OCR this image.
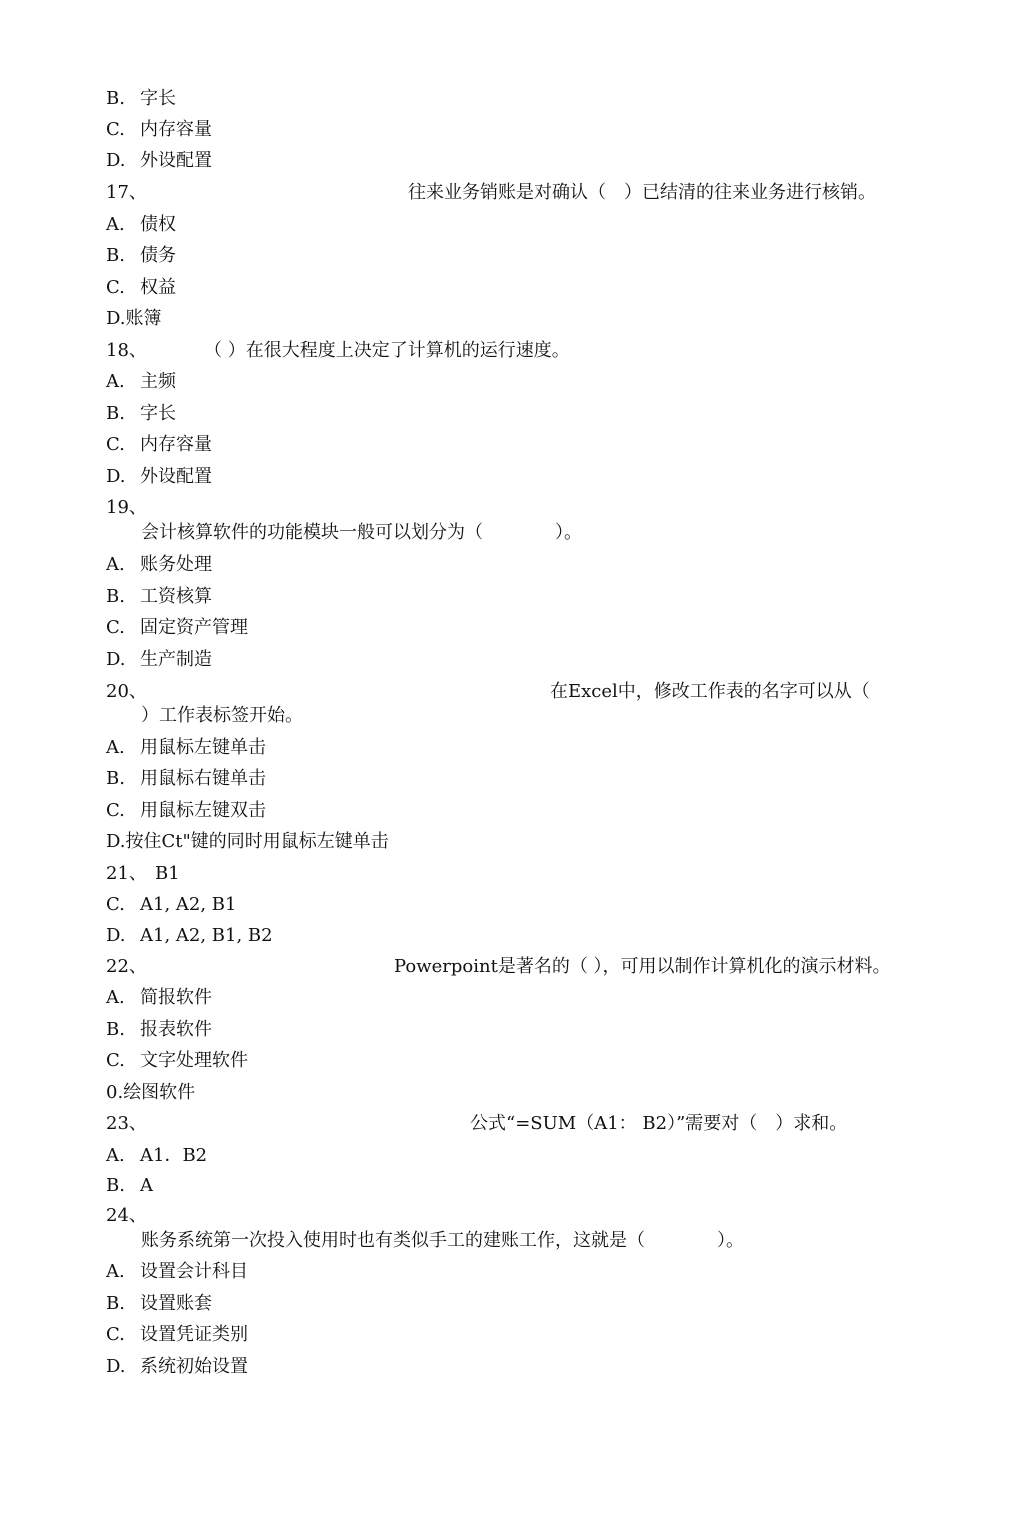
B. 字长
C. 内存容量
D. 外设配置
17、	往来业务销账是对确认（　）已结清的往来业务进行核销。
A. 债权
B. 债务
C. 权益
D.账簿
18、	（ ）在很大程度上决定了计算机的运行速度。
A. 主频
B. 字长
C. 内存容量
D. 外设配置
19、
会计核算软件的功能模块一般可以划分为（　　　　）。
A. 账务处理
B. 工资核算
C. 固定资产管理
D. 生产制造
20、	在Excel中，修改工作表的名字可以从（
）工作表标签开始。
A. 用鼠标左键单击
B. 用鼠标右键单击
C. 用鼠标左键双击
D.按住Ct"键的同时用鼠标左键单击
21、 B1
C. A1, A2, B1
D. A1, A2, B1, B2
22、	Powerpoint是著名的（ ），可用以制作计算机化的演示材料。
A. 简报软件
B. 报表软件
C. 文字处理软件
0.绘图软件
23、	公式“=SUM（A1： B2）”需要对（　）求和。
A. A1．B2
B. A
24、
账务系统第一次投入使用时也有类似手工的建账工作，这就是（　　　　）。
A. 设置会计科目
B. 设置账套
C. 设置凭证类别
D. 系统初始设置
